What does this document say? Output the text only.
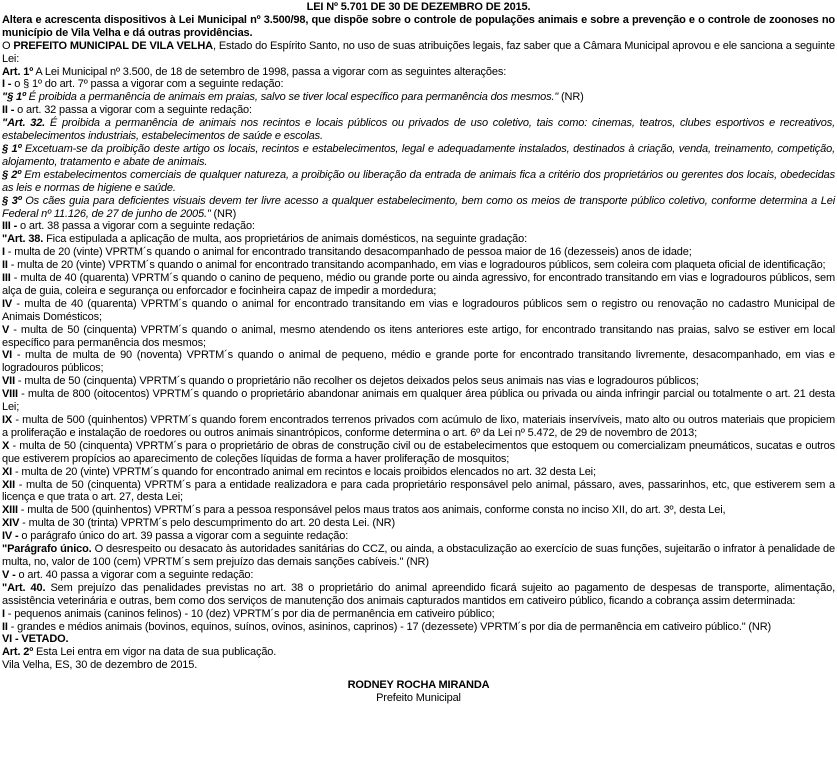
LEI Nº 5.701 DE 30 DE DEZEMBRO DE 2015.

Altera e acrescenta dispositivos à Lei Municipal nº 3.500/98, que dispõe sobre o controle de populações animais e sobre a prevenção e o controle de zoonoses no município de Vila Velha e dá outras providências.

O PREFEITO MUNICIPAL DE VILA VELHA, Estado do Espírito Santo, no uso de suas atribuições legais, faz saber que a Câmara Municipal aprovou e ele sanciona a seguinte Lei:

Art. 1º A Lei Municipal nº 3.500, de 18 de setembro de 1998, passa a vigorar com as seguintes alterações:

I - o § 1º do art. 7º passa a vigorar com a seguinte redação:

"§ 1º É proibida a permanência de animais em praias, salvo se tiver local específico para permanência dos mesmos." (NR)

II - o art. 32 passa a vigorar com a seguinte redação:

"Art. 32. É proibida a permanência de animais nos recintos e locais públicos ou privados de uso coletivo, tais como: cinemas, teatros, clubes esportivos e recreativos, estabelecimentos industriais, estabelecimentos de saúde e escolas.

§ 1º Excetuam-se da proibição deste artigo os locais, recintos e estabelecimentos, legal e adequadamente instalados, destinados à criação, venda, treinamento, competição, alojamento, tratamento e abate de animais.

§ 2º Em estabelecimentos comerciais de qualquer natureza, a proibição ou liberação da entrada de animais fica a critério dos proprietários ou gerentes dos locais, obedecidas as leis e normas de higiene e saúde.

§ 3º Os cães guia para deficientes visuais devem ter livre acesso a qualquer estabelecimento, bem como os meios de transporte público coletivo, conforme determina a Lei Federal nº 11.126, de 27 de junho de 2005." (NR)

III - o art. 38 passa a vigorar com a seguinte redação:

"Art. 38. Fica estipulada a aplicação de multa, aos proprietários de animais domésticos, na seguinte gradação:

I - multa de 20 (vinte) VPRTM´s quando o animal for encontrado transitando desacompanhado de pessoa maior de 16 (dezesseis) anos de idade;

II - multa de 20 (vinte) VPRTM´s quando o animal for encontrado transitando acompanhado, em vias e logradouros públicos, sem coleira com plaqueta oficial de identificação;

III - multa de 40 (quarenta) VPRTM´s quando o canino de pequeno, médio ou grande porte ou ainda agressivo, for encontrado transitando em vias e logradouros públicos, sem alça de guia, coleira e segurança ou enforcador e focinheira capaz de impedir a mordedura;

IV - multa de 40 (quarenta) VPRTM´s quando o animal for encontrado transitando em vias e logradouros públicos sem o registro ou renovação no cadastro Municipal de Animais Domésticos;

V - multa de 50 (cinquenta) VPRTM´s quando o animal, mesmo atendendo os itens anteriores este artigo, for encontrado transitando nas praias, salvo se estiver em local específico para permanência dos mesmos;

VI - multa de multa de 90 (noventa) VPRTM´s quando o animal de pequeno, médio e grande porte for encontrado transitando livremente, desacompanhado, em vias e logradouros públicos;

VII - multa de 50 (cinquenta) VPRTM´s quando o proprietário não recolher os dejetos deixados pelos seus animais nas vias e logradouros públicos;

VIII - multa de 800 (oitocentos) VPRTM´s quando o proprietário abandonar animais em qualquer área pública ou privada ou ainda infringir parcial ou totalmente o art. 21 desta Lei;

IX - multa de 500 (quinhentos) VPRTM´s quando forem encontrados terrenos privados com acúmulo de lixo, materiais inservíveis, mato alto ou outros materiais que propiciem a proliferação e instalação de roedores ou outros animais sinantrópicos, conforme determina o art. 6º da Lei nº 5.472, de 29 de novembro de 2013;

X - multa de 50 (cinquenta) VPRTM´s para o proprietário de obras de construção civil ou de estabelecimentos que estoquem ou comercializam pneumáticos, sucatas e outros que estiverem propícios ao aparecimento de coleções líquidas de forma a haver proliferação de mosquitos;

XI - multa de 20 (vinte) VPRTM´s quando for encontrado animal em recintos e locais proibidos elencados no art. 32 desta Lei;

XII - multa de 50 (cinquenta) VPRTM´s para a entidade realizadora e para cada proprietário responsável pelo animal, pássaro, aves, passarinhos, etc, que estiverem sem a licença e que trata o art. 27, desta Lei;

XIII - multa de 500 (quinhentos) VPRTM´s para a pessoa responsável pelos maus tratos aos animais, conforme consta no inciso XII, do art. 3º, desta Lei,

XIV - multa de 30 (trinta) VPRTM´s pelo descumprimento do art. 20 desta Lei. (NR)

IV - o parágrafo único do art. 39 passa a vigorar com a seguinte redação:

"Parágrafo único. O desrespeito ou desacato às autoridades sanitárias do CCZ, ou ainda, a obstaculização ao exercício de suas funções, sujeitarão o infrator à penalidade de multa, no, valor de 100 (cem) VPRTM´s sem prejuízo das demais sanções cabíveis." (NR)

V - o art. 40 passa a vigorar com a seguinte redação:

"Art. 40. Sem prejuízo das penalidades previstas no art. 38 o proprietário do animal apreendido ficará sujeito ao pagamento de despesas de transporte, alimentação, assistência veterinária e outras, bem como dos serviços de manutenção dos animais capturados mantidos em cativeiro público, ficando a cobrança assim determinada:

I - pequenos animais (caninos felinos) - 10 (dez) VPRTM´s por dia de permanência em cativeiro público;

II - grandes e médios animais (bovinos, equinos, suínos, ovinos, asininos, caprinos) - 17 (dezessete) VPRTM´s por dia de permanência em cativeiro público." (NR)

VI - VETADO.

Art. 2º Esta Lei entra em vigor na data de sua publicação.

Vila Velha, ES, 30 de dezembro de 2015.

RODNEY ROCHA MIRANDA

Prefeito Municipal
